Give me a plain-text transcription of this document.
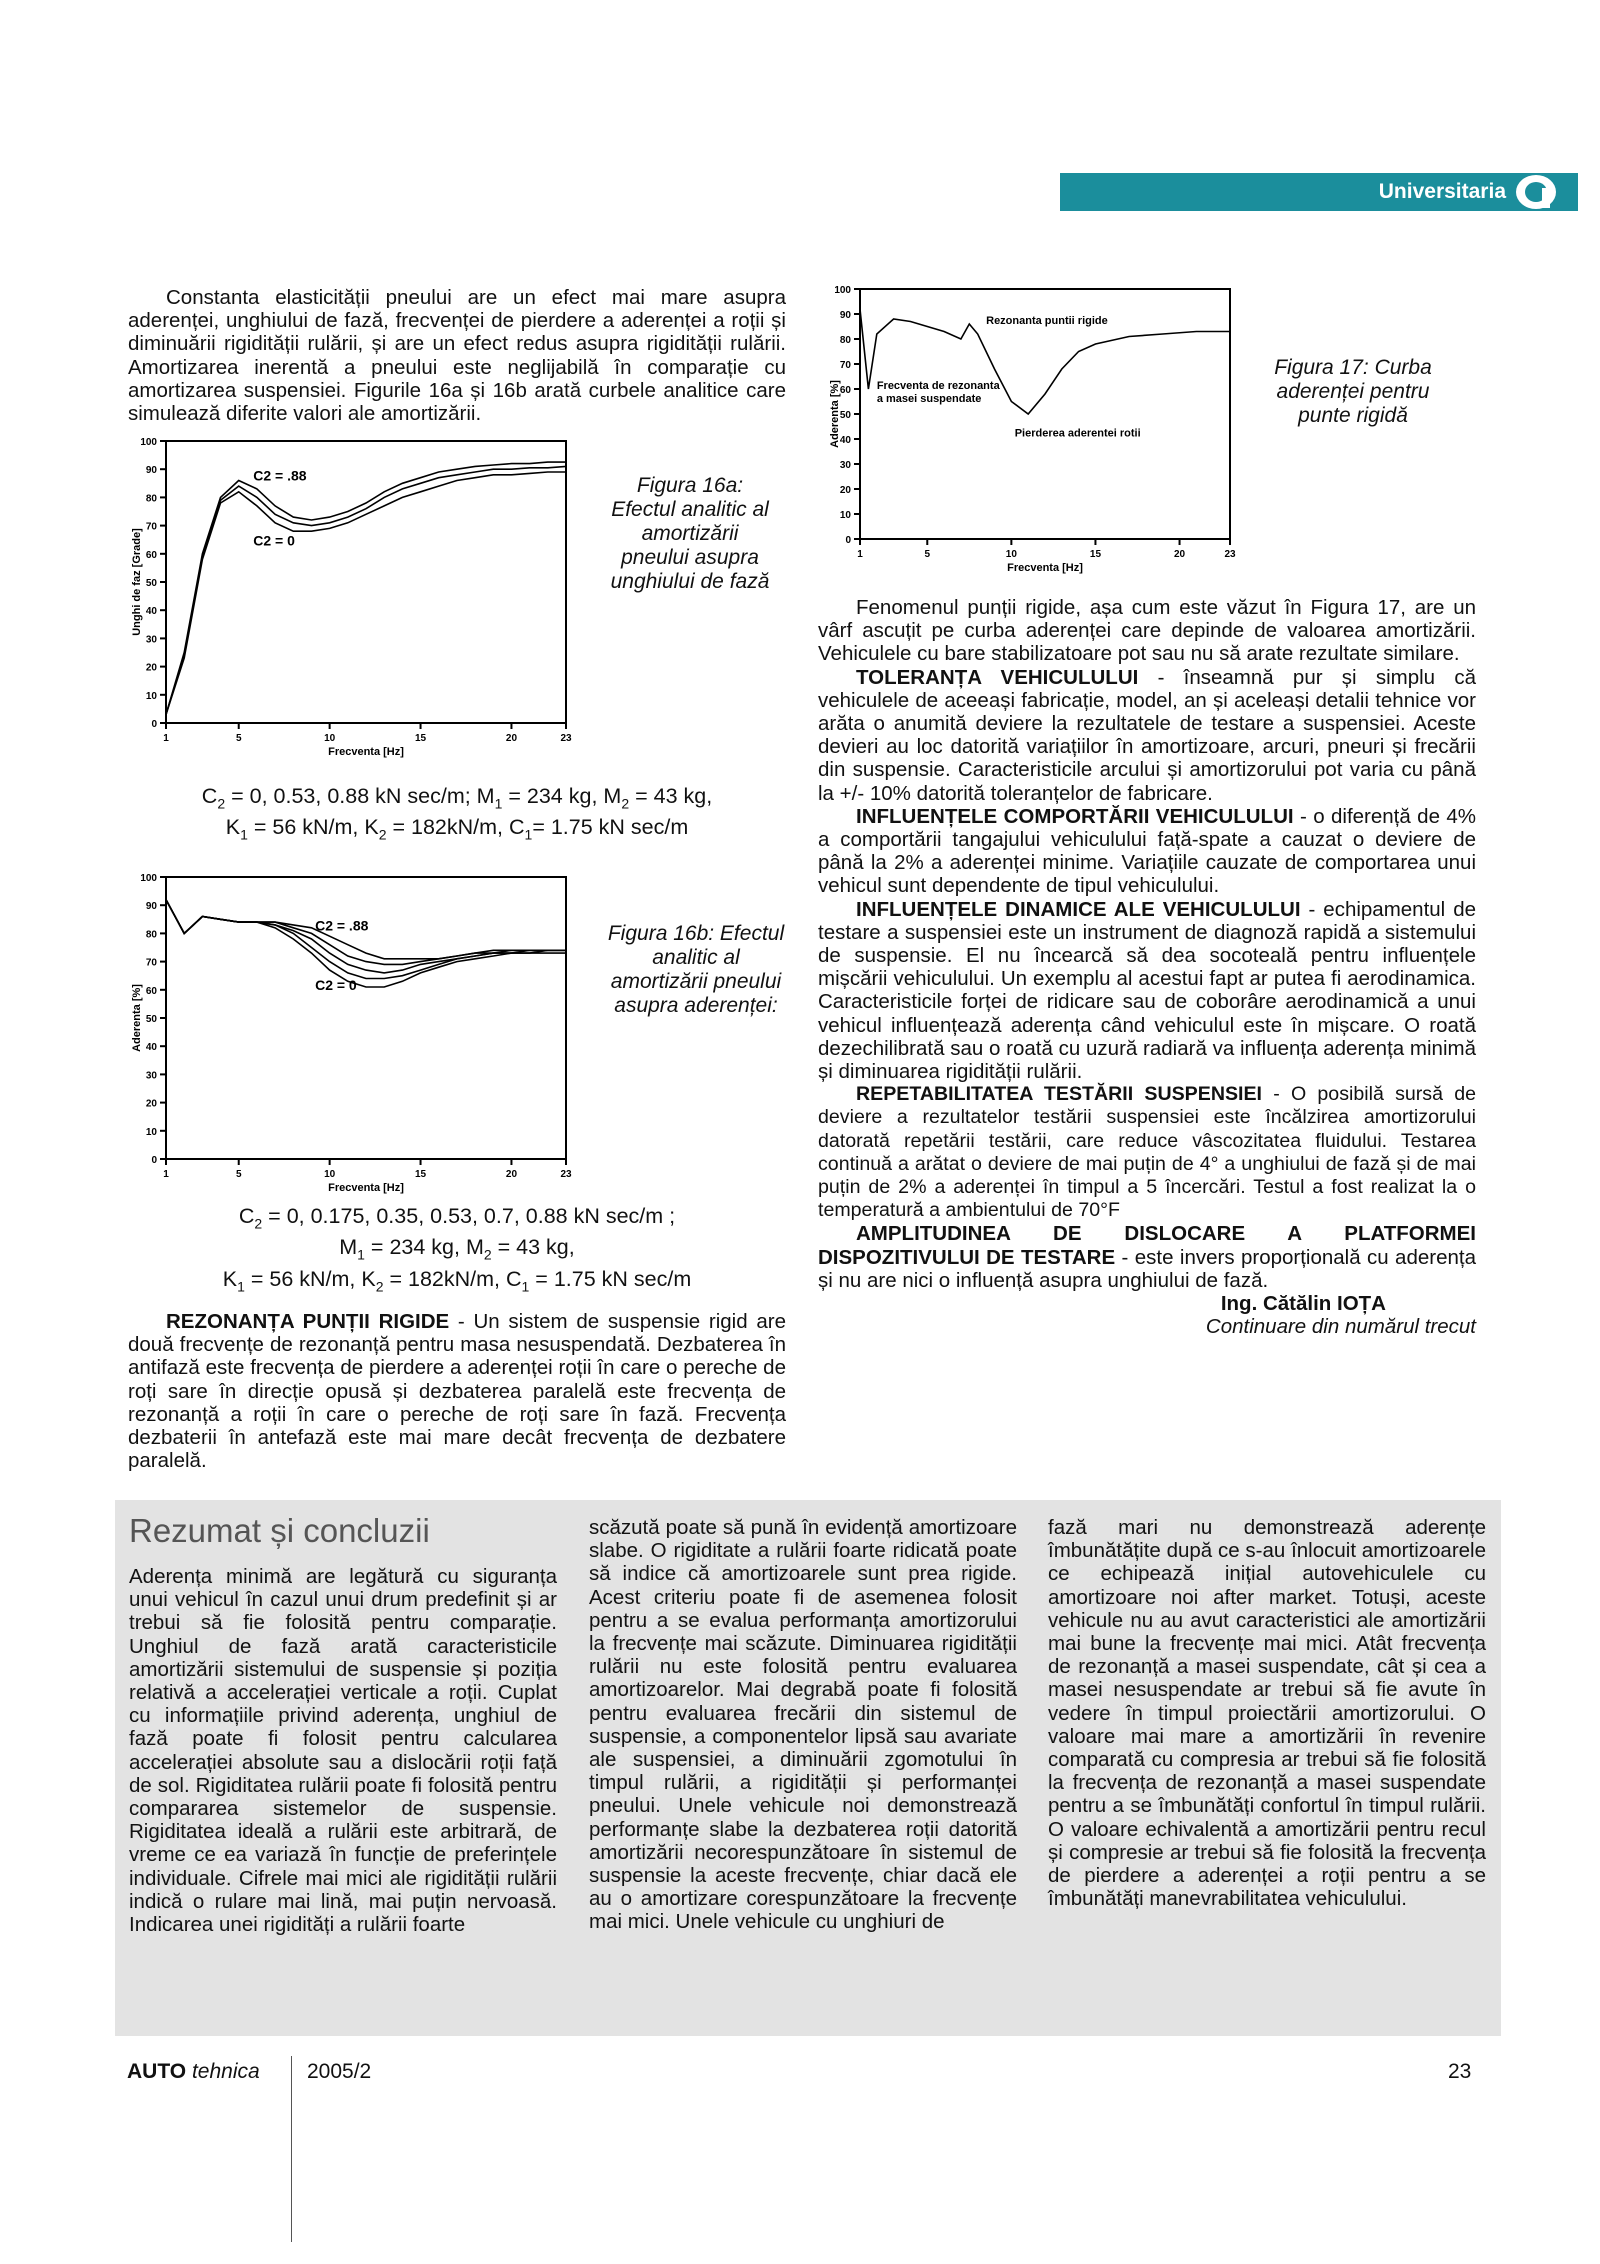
Universitaria

Constanta elasticității pneului are un efect mai mare asupra aderenței, unghiului de fază, frecvenței de pierdere a aderenței a roții și diminuării rigidității rulării, și are un efect redus asupra rigidității rulării. Amortizarea inerentă a pneului este neglijabilă în comparație cu amortizarea suspensiei. Figurile 16a și 16b arată curbele analitice care simulează diferite valori ale amortizării.

0
10
20
30
40
50
60
70
80
90
100
1	5	10	15	20	23
Frecventa [Hz]
Unghi de faz [Grade]
C2 = .88
C2 = 0
Figura 16a: Efectul analitic al amortizării pneului asupra unghiului de fază
$C_2 = 0$, 0.53, 0.88 kN sec/m; $M_1 = 234$ kg, $M_2 = 43$ kg,
$K_1 = 56$ kN/m, $K_2 = 182kN/m$, $C_1= 1.75$ kN sec/m
0
10
20
30
40
50
60
70
80
90
100
1	5	10	15	20	23
Frecventa [Hz]
Aderenta [%]
C2 = .88
C2 = 0
Figura 16b: Efectul analitic al amortizării pneului asupra aderenței:
$C_2 = 0$, 0.175, 0.35, 0.53, 0.7, 0.88 kN sec/m ;
$M_1 = 234$ kg, $M_2 = 43$ kg,
$K_1 = 56$ kN/m, $K_2 = 182kN/m$, $C_1 = 1.75$ kN sec/m

REZONANȚA PUNȚII RIGIDE - Un sistem de suspensie rigid are două frecvențe de rezonanță pentru masa nesuspendată. Dezbaterea în antifază este frecvența de pierdere a aderenței roții în care o pereche de roți sare în direcție opusă și dezbaterea paralelă este frecvența de rezonanță a roții în care o pereche de roți sare în fază. Frecvența dezbaterii în antefază este mai mare decât frecvența de dezbatere paralelă.

0
10
20
30
40
50
60
70
80
90
100
1	5	10	15	20	23
Frecventa [Hz]
Aderenta [%]
Rezonanta puntii rigide
Frecventa de rezonanta a masei suspendate
Pierderea aderentei rotii
Figura 17: Curba aderenței pentru punte rigidă

Fenomenul punții rigide, așa cum este văzut în Figura 17, are un vârf ascuțit pe curba aderenței care depinde de valoarea amortizării. Vehiculele cu bare stabilizatoare pot sau nu să arate rezultate similare.

TOLERANȚA VEHICULULUI - înseamnă pur și simplu că vehiculele de aceeași fabricație, model, an și aceleași detalii tehnice vor arăta o anumită deviere la rezultatele de testare a suspensiei. Aceste devieri au loc datorită variațiilor în amortizoare, arcuri, pneuri și frecării din suspensie. Caracteristicile arcului și amortizorului pot varia cu până la +/- 10% datorită toleranțelor de fabricare.

INFLUENȚELE COMPORTĂRII VEHICULULUI - o diferență de 4% a comportării tangajului vehiculului față-spate a cauzat o deviere de până la 2% a aderenței minime. Variațiile cauzate de comportarea unui vehicul sunt dependente de tipul vehiculului.

INFLUENȚELE DINAMICE ALE VEHICULULUI - echipamentul de testare a suspensiei este un instrument de diagnoză rapidă a sistemului de suspensie. El nu încearcă să dea socoteală pentru influențele mișcării vehiculului. Un exemplu al acestui fapt ar putea fi aerodinamica. Caracteristicile forței de ridicare sau de coborâre aerodinamică a unui vehicul influențează aderența când vehiculul este în mișcare. O roată dezechilibrată sau o roată cu uzură radiară va influența aderența minimă și diminuarea rigidității rulării.

REPETABILITATEA TESTĂRII SUSPENSIEI - O posibilă sursă de deviere a rezultatelor testării suspensiei este încălzirea amortizorului datorată repetării testării, care reduce vâscozitatea fluidului. Testarea continuă a arătat o deviere de mai puțin de 4° a unghiului de fază și de mai puțin de 2% a aderenței în timpul a 5 încercări. Testul a fost realizat la o temperatură a ambientului de 70°F

AMPLITUDINEA DE DISLOCARE A PLATFORMEI DISPOZITIVULUI DE TESTARE - este invers proporțională cu aderența și nu are nici o influență asupra unghiului de fază.

Ing. Cătălin IOȚA
Continuare din numărul trecut
Rezumat și concluzii
Aderența minimă are legătură cu siguranța unui vehicul în cazul unui drum predefinit și ar trebui să fie folosită pentru comparație. Unghiul de fază arată caracteristicile amortizării sistemului de suspensie și poziția relativă a accelerației verticale a roții. Cuplat cu informațiile privind aderența, unghiul de fază poate fi folosit pentru calcularea accelerației absolute sau a dislocării roții față de sol. Rigiditatea rulării poate fi folosită pentru compararea sistemelor de suspensie. Rigiditatea ideală a rulării este arbitrară, de vreme ce ea variază în funcție de preferințele individuale. Cifrele mai mici ale rigidității rulării indică o rulare mai lină, mai puțin nervoasă. Indicarea unei rigidități a rulării foarte
scăzută poate să pună în evidență amortizoare slabe. O rigiditate a rulării foarte ridicată poate să indice că amortizoarele sunt prea rigide. Acest criteriu poate fi de asemenea folosit pentru a se evalua performanța amortizorului la frecvențe mai scăzute. Diminuarea rigidității rulării nu este folosită pentru evaluarea amortizoarelor. Mai degrabă poate fi folosită pentru evaluarea frecării din sistemul de suspensie, a componentelor lipsă sau avariate ale suspensiei, a diminuării zgomotului în timpul rulării, a rigidității și performanței pneului. Unele vehicule noi demonstrează performanțe slabe la dezbaterea roții datorită amortizării necorespunzătoare în sistemul de suspensie la aceste frecvențe, chiar dacă ele au o amortizare corespunzătoare la frecvențe mai mici. Unele vehicule cu unghiuri de
fază mari nu demonstrează aderențe îmbunătățite după ce s-au înlocuit amortizoarele ce echipează inițial autovehiculele cu amortizoare noi after market. Totuși, aceste vehicule nu au avut caracteristici ale amortizării mai bune la frecvențe mai mici. Atât frecvența de rezonanță a masei suspendate, cât și cea a masei nesuspendate ar trebui să fie avute în vedere în timpul proiectării amortizorului. O valoare mai mare a amortizării în revenire comparată cu compresia ar trebui să fie folosită la frecvența de rezonanță a masei suspendate pentru a se îmbunătăți confortul în timpul rulării. O valoare echivalentă a amortizării pentru recul și compresie ar trebui să fie folosită la frecvența de pierdere a aderenței a roții pentru a se îmbunătăți manevrabilitatea vehiculului.
AUTO tehnica 2005/2	23
